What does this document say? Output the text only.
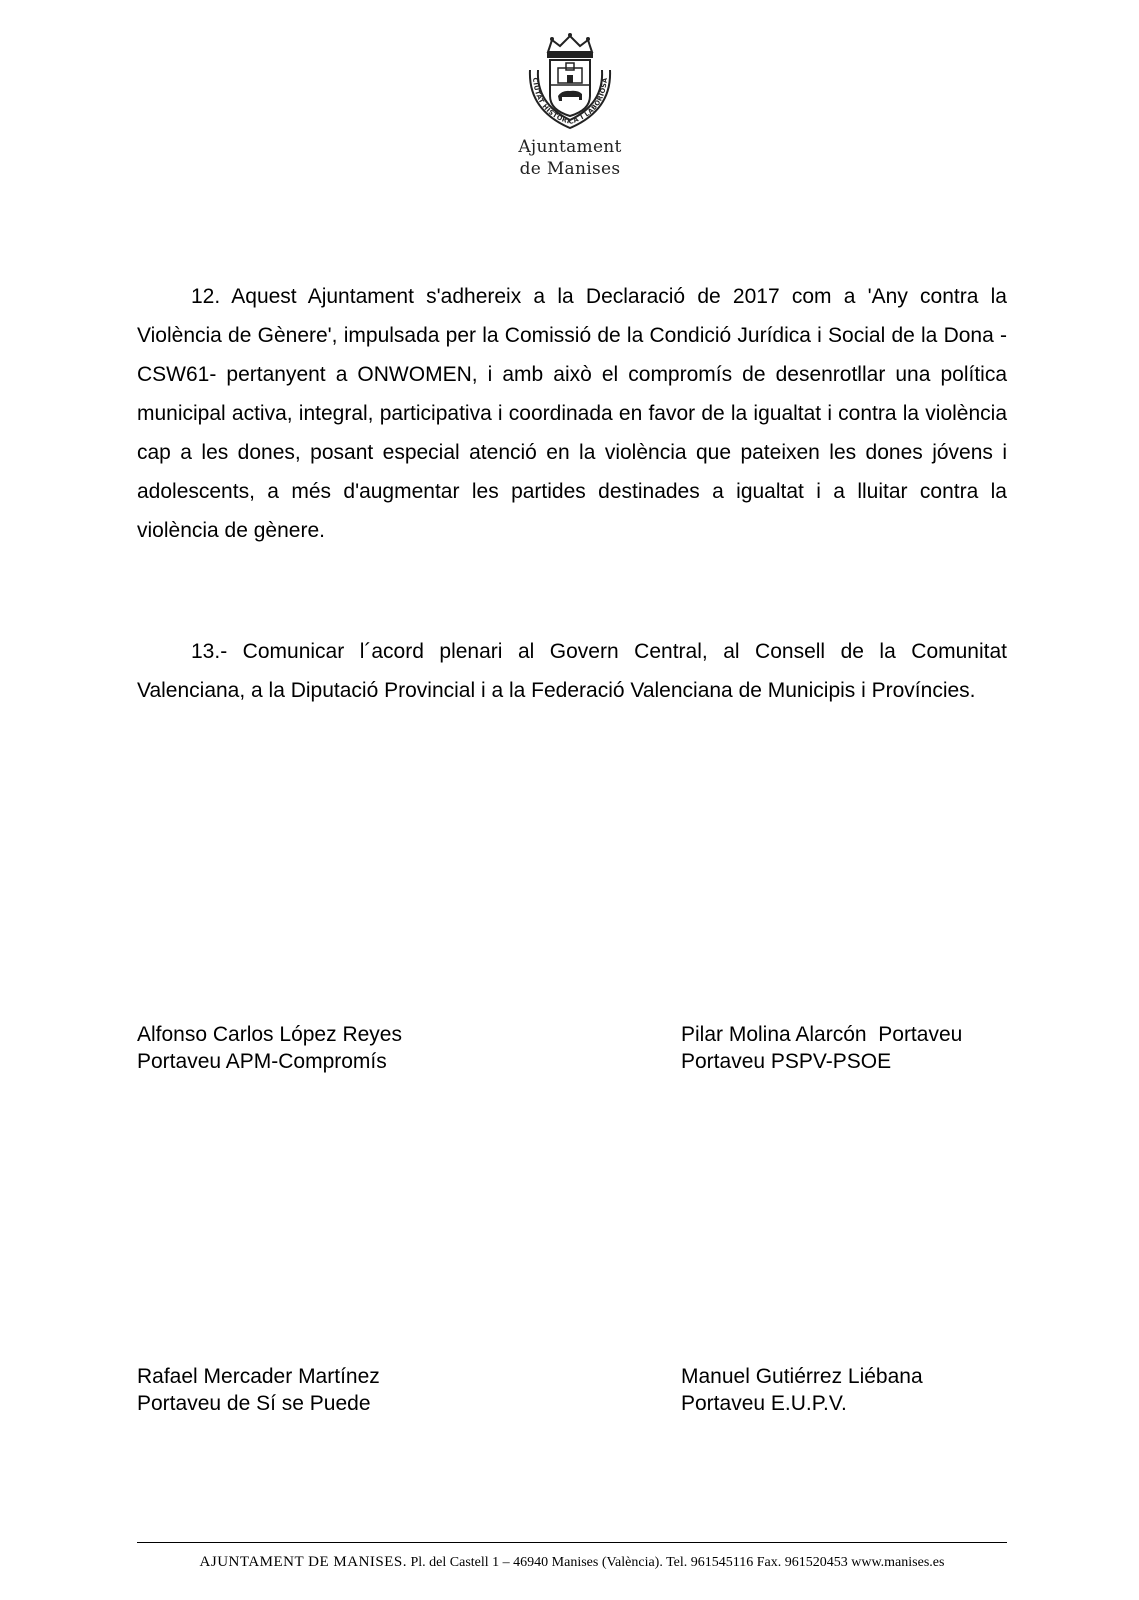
CIUTAT HISTÒRICA I LABORIOSA
Ajuntament
de Manises

12. Aquest Ajuntament s'adhereix a la Declaració de 2017 com a 'Any contra la Violència de Gènere', impulsada per la Comissió de la Condició Jurídica i Social de la Dona -CSW61- pertanyent a ONWOMEN, i amb això el compromís de desenrotllar una política municipal activa, integral, participativa i coordinada en favor de la igualtat i contra la violència cap a les dones, posant especial atenció en la violència que pateixen les dones jóvens i adolescents, a més d'augmentar les partides destinades a igualtat i a lluitar contra la violència de gènere.

13.- Comunicar l´acord plenari al Govern Central, al Consell de la Comunitat Valenciana, a la Diputació Provincial i a la Federació Valenciana de Municipis i Províncies.

Alfonso Carlos López Reyes
Portaveu APM-Compromís
Pilar Molina Alarcón  Portaveu
Portaveu PSPV-PSOE
Rafael Mercader Martínez
Portaveu de Sí se Puede
Manuel Gutiérrez Liébana
Portaveu E.U.P.V.
AJUNTAMENT DE MANISES. Pl. del Castell 1 – 46940 Manises (València). Tel. 961545116 Fax. 961520453 www.manises.es
